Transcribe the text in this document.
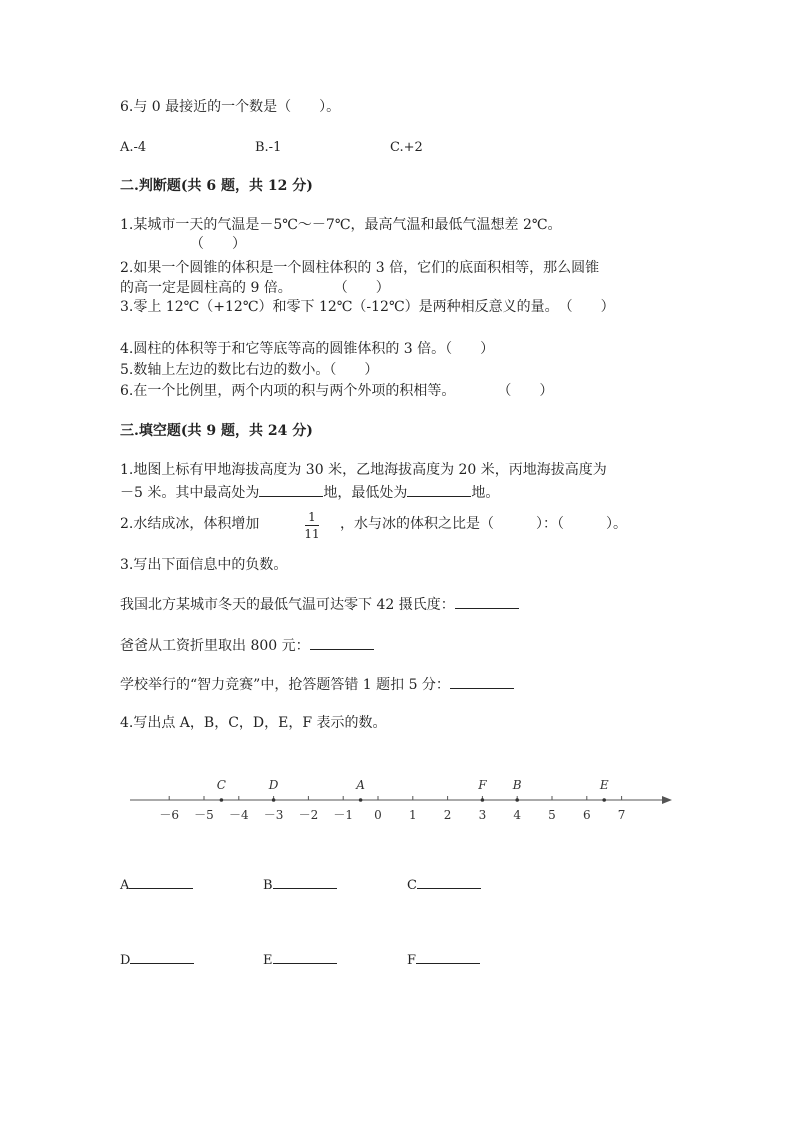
6.与 0 最接近的一个数是（　　）。
A.-4	B.-1	C.+2
二.判断题(共 6 题，共 12 分)
1.某城市一天的气温是－5℃～－7℃，最高气温和最低气温想差 2℃。
（　　）
2.如果一个圆锥的体积是一个圆柱体积的 3 倍，它们的底面积相等，那么圆锥
的高一定是圆柱高的 9 倍。　　　　（　　）
3.零上 12℃（+12℃）和零下 12℃（-12℃）是两种相反意义的量。　（　　）
4.圆柱的体积等于和它等底等高的圆锥体积的 3 倍。（　　）
5.数轴上左边的数比右边的数小。（　　）
6.在一个比例里，两个内项的积与两个外项的积相等。　　　　（　　）
三.填空题(共 9 题，共 24 分)
1.地图上标有甲地海拔高度为 30 米，乙地海拔高度为 20 米，丙地海拔高度为
－5 米。其中最高处为	地，最低处为	地。
2.水结成冰，体积增加	1
11
，水与冰的体积之比是（　　　）：（　　　）。
3.写出下面信息中的负数。
我国北方某城市冬天的最低气温可达零下 42 摄氏度：
爸爸从工资折里取出 800 元：
学校举行的“智力竞赛”中，抢答题答错 1 题扣 5 分：
4.写出点 A，B，C，D，E，F 表示的数。
－6 －5 －4 －3 －2 －1 0 1 2 3 4 5 6 7
C	D	A	F B	E
A	B	C
D	E	F
